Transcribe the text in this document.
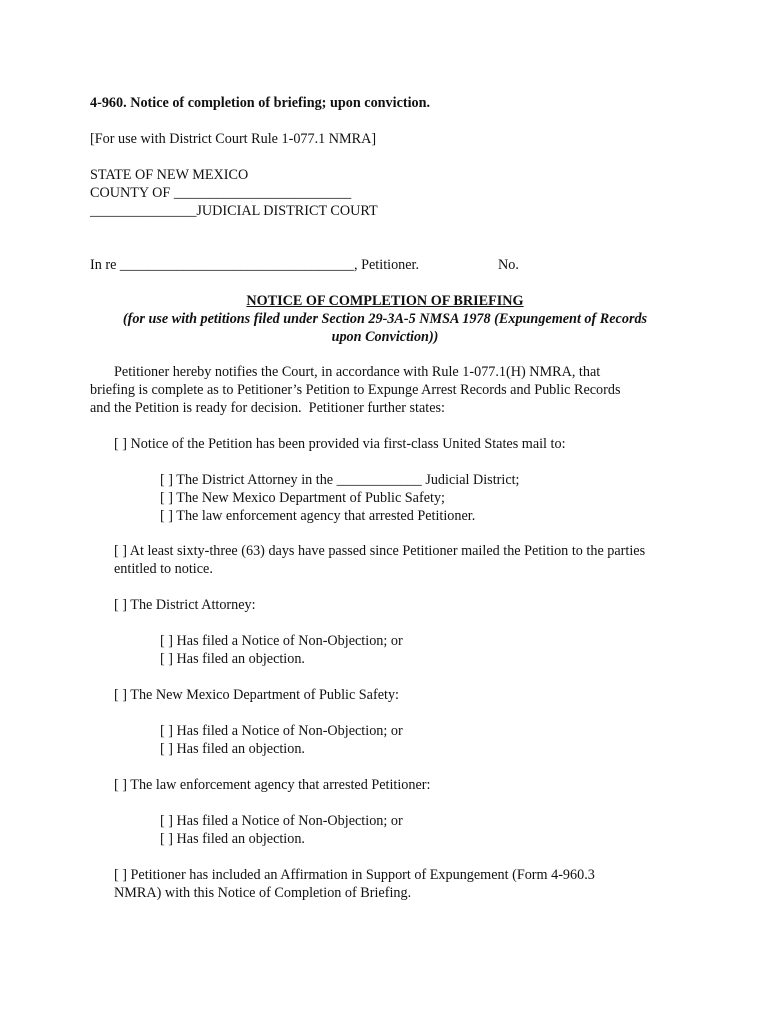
4-960. Notice of completion of briefing; upon conviction.
[For use with District Court Rule 1-077.1 NMRA]
STATE OF NEW MEXICO
COUNTY OF _________________________
_______________JUDICIAL DISTRICT COURT
In re _________________________________, Petitioner.	No.
NOTICE OF COMPLETION OF BRIEFING
(for use with petitions filed under Section 29-3A-5 NMSA 1978 (Expungement of Records
upon Conviction))
Petitioner hereby notifies the Court, in accordance with Rule 1-077.1(H) NMRA, that
briefing is complete as to Petitioner’s Petition to Expunge Arrest Records and Public Records
and the Petition is ready for decision.  Petitioner further states:
[ ] Notice of the Petition has been provided via first-class United States mail to:
[ ] The District Attorney in the ____________ Judicial District;
[ ] The New Mexico Department of Public Safety;
[ ] The law enforcement agency that arrested Petitioner.
[ ] At least sixty-three (63) days have passed since Petitioner mailed the Petition to the parties
entitled to notice.
[ ] The District Attorney:
[ ] Has filed a Notice of Non-Objection; or
[ ] Has filed an objection.
[ ] The New Mexico Department of Public Safety:
[ ] Has filed a Notice of Non-Objection; or
[ ] Has filed an objection.
[ ] The law enforcement agency that arrested Petitioner:
[ ] Has filed a Notice of Non-Objection; or
[ ] Has filed an objection.
[ ] Petitioner has included an Affirmation in Support of Expungement (Form 4-960.3
NMRA) with this Notice of Completion of Briefing.
